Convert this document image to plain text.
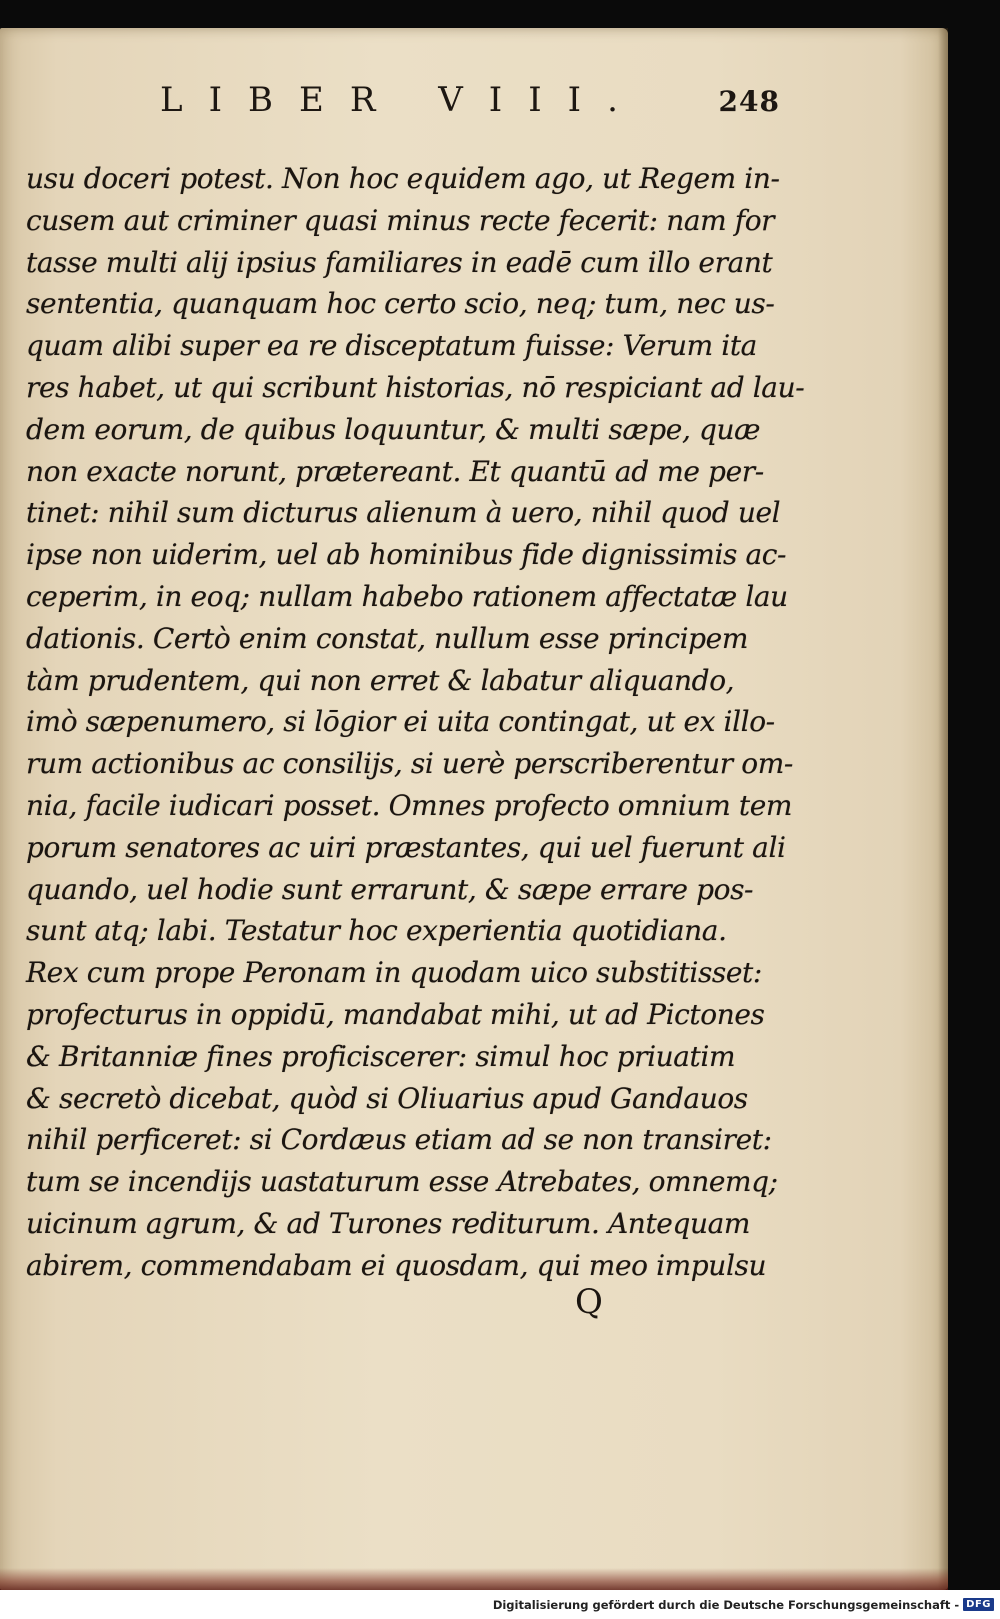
LIBER VIII.	248
usu doceri potest. Non hoc equidem ago, ut Regem in-
cusem aut criminer quasi minus recte fecerit: nam for
tasse multi alij ipsius familiares in eadē cum illo erant
sententia, quanquam hoc certo scio, neq; tum, nec us-
quam alibi super ea re disceptatum fuisse: Verum ita
res habet, ut qui scribunt historias, nō respiciant ad lau-
dem eorum, de quibus loquuntur, & multi sæpe, quæ
non exacte norunt, prætereant. Et quantū ad me per-
tinet: nihil sum dicturus alienum à uero, nihil quod uel
ipse non uiderim, uel ab hominibus fide dignissimis ac-
ceperim, in eoq; nullam habebo rationem affectatæ lau
dationis. Certò enim constat, nullum esse principem
tàm prudentem, qui non erret & labatur aliquando,
imò sæpenumero, si lōgior ei uita contingat, ut ex illo-
rum actionibus ac consilijs, si uerè perscriberentur om-
nia, facile iudicari posset. Omnes profecto omnium tem
porum senatores ac uiri præstantes, qui uel fuerunt ali
quando, uel hodie sunt errarunt, & sæpe errare pos-
sunt atq; labi. Testatur hoc experientia quotidiana.
Rex cum prope Peronam in quodam uico substitisset:
profecturus in oppidū, mandabat mihi, ut ad Pictones
& Britanniæ fines proficiscerer: simul hoc priuatim
& secretò dicebat, quòd si Oliuarius apud Gandauos
nihil perficeret: si Cordæus etiam ad se non transiret:
tum se incendijs uastaturum esse Atrebates, omnemq;
uicinum agrum, & ad Turones rediturum. Antequam
abirem, commendabam ei quosdam, qui meo impulsu
Q
Digitalisierung gefördert durch die Deutsche Forschungsgemeinschaft - DFG
